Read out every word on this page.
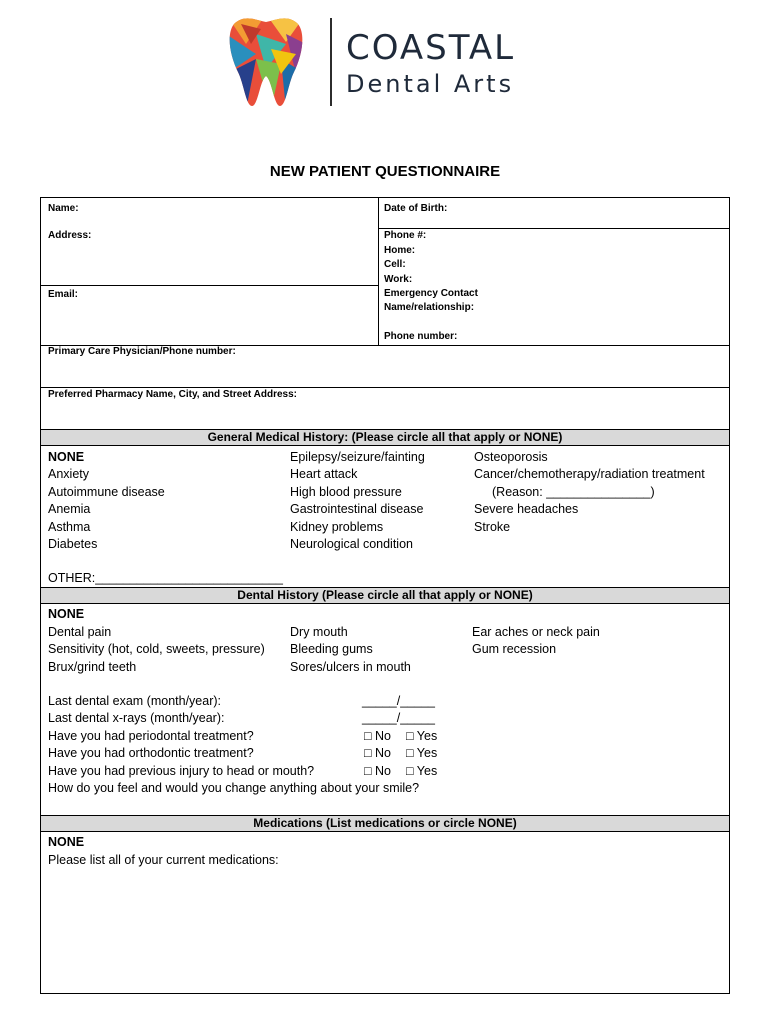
COASTAL
Dental Arts
NEW PATIENT QUESTIONNAIRE
Name:	Date of Birth:
Address:	Phone #:
Home:
Cell:
Work:
Email:	Emergency Contact
Name/relationship:
Phone number:
Primary Care Physician/Phone number:
Preferred Pharmacy Name, City, and Street Address:
General Medical History: (Please circle all that apply or NONE)
NONE
Anxiety
Autoimmune disease
Anemia
Asthma
Diabetes
Epilepsy/seizure/fainting
Heart attack
High blood pressure
Gastrointestinal disease
Kidney problems
Neurological condition
Osteoporosis
Cancer/chemotherapy/radiation treatment
(Reason: _______________)
Severe headaches
Stroke
OTHER:___________________________
Dental History (Please circle all that apply or NONE)
NONE
Dental pain
Sensitivity (hot, cold, sweets, pressure)
Brux/grind teeth
Dry mouth
Bleeding gums
Sores/ulcers in mouth
Ear aches or neck pain
Gum recession
Last dental exam (month/year):	_____/_____
Last dental x-rays (month/year):	_____/_____
Have you had periodontal treatment?	□ No □ Yes
Have you had orthodontic treatment?	□ No □ Yes
Have you had previous injury to head or mouth?	□ No □ Yes
How do you feel and would you change anything about your smile?
Medications (List medications or circle NONE)
NONE
Please list all of your current medications:
